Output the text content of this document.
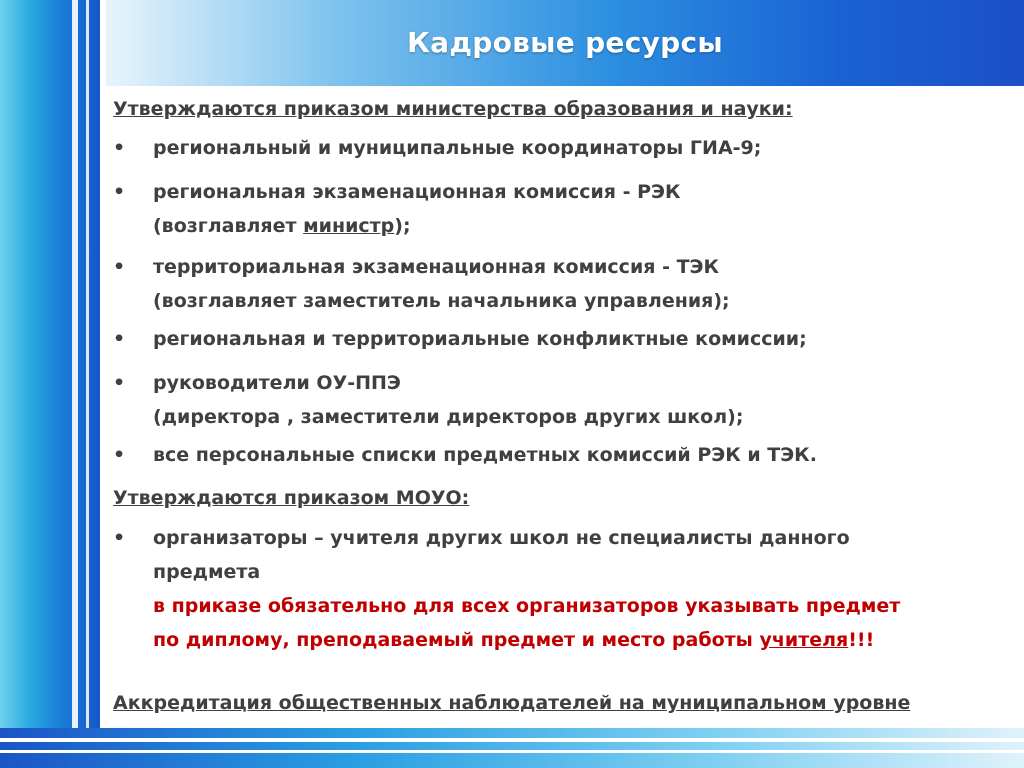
Кадровые ресурсы
Утверждаются приказом министерства образования и науки:
• региональный и муниципальные координаторы ГИА-9;
• региональная экзаменационная комиссия - РЭК
(возглавляет министр);
• территориальная экзаменационная комиссия - ТЭК
(возглавляет заместитель начальника управления);
• региональная и территориальные конфликтные комиссии;
• руководители ОУ-ППЭ
(директора , заместители директоров других школ);
• все персональные списки предметных комиссий РЭК и ТЭК.
Утверждаются приказом МОУО:
• организаторы – учителя других школ не специалисты данного
предмета
в приказе обязательно для всех организаторов указывать предмет
по диплому, преподаваемый предмет и место работы учителя!!!
Аккредитация общественных наблюдателей на муниципальном уровне
